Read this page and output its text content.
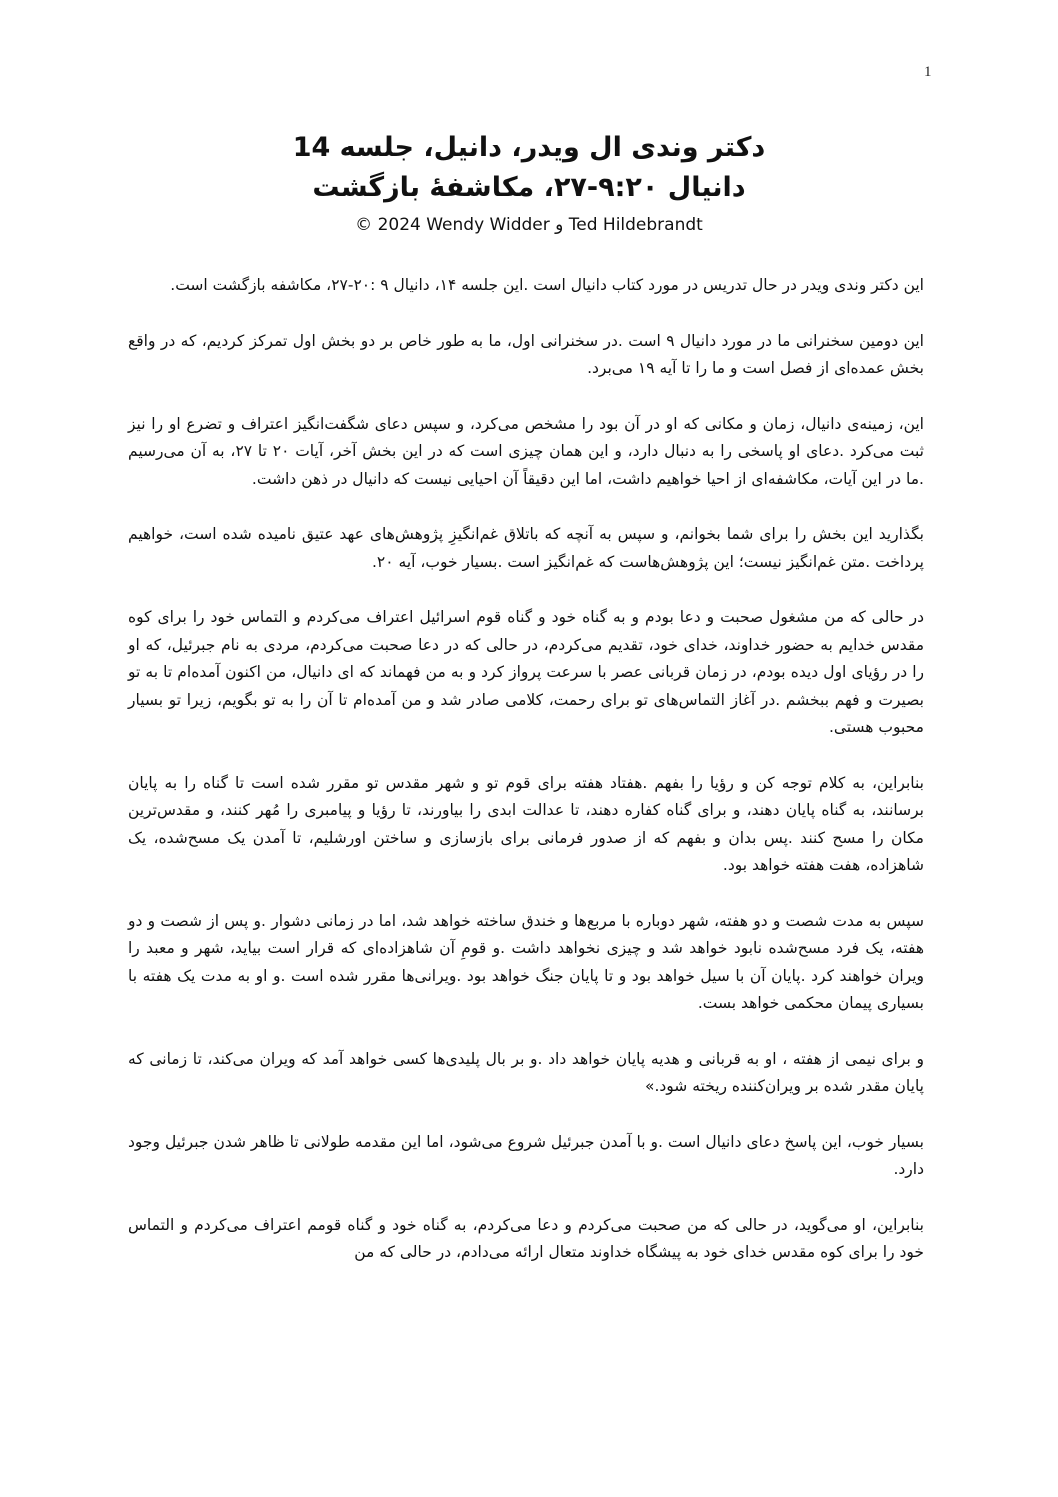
1
دکتر وندی ال ویدر، دانیل، جلسه 14
دانیال ۹:۲۰-۲۷، مکاشفۀ بازگشت
© 2024 Wendy Widder و Ted Hildebrandt

این دکتر وندی ویدر در حال تدریس در مورد کتاب دانیال است .این جلسه ۱۴، دانیال ۹ :۲۰-۲۷، مکاشفه بازگشت است.

این دومین سخنرانی ما در مورد دانیال ۹ است .در سخنرانی اول، ما به طور خاص بر دو بخش اول تمرکز کردیم، که در واقع بخش عمده‌ای از فصل است و ما را تا آیه ۱۹ می‌برد.

این، زمینه‌ی دانیال، زمان و مکانی که او در آن بود را مشخص می‌کرد، و سپس دعای شگفت‌انگیز اعتراف و تضرع او را نیز ثبت می‌کرد .دعای او پاسخی را به دنبال دارد، و این همان چیزی است که در این بخش آخر، آیات ۲۰ تا ۲۷، به آن می‌رسیم .ما در این آیات، مکاشفه‌ای از احیا خواهیم داشت، اما این دقیقاً آن احیایی نیست که دانیال در ذهن داشت.

بگذارید این بخش را برای شما بخوانم، و سپس به آنچه که باتلاق غم‌انگیزِ پژوهش‌های عهد عتیق نامیده شده است، خواهیم پرداخت .متن غم‌انگیز نیست؛ این پژوهش‌هاست که غم‌انگیز است .بسیار خوب، آیه ۲۰.

در حالی که من مشغول صحبت و دعا بودم و به گناه خود و گناه قوم اسرائیل اعتراف می‌کردم و التماس خود را برای کوه مقدس خدایم به حضور خداوند، خدای خود، تقدیم می‌کردم، در حالی که در دعا صحبت می‌کردم، مردی به نام جبرئیل، که او را در رؤیای اول دیده بودم، در زمان قربانی عصر با سرعت پرواز کرد و به من فهماند که ای دانیال، من اکنون آمده‌ام تا به تو بصیرت و فهم ببخشم .در آغاز التماس‌های تو برای رحمت، کلامی صادر شد و من آمده‌ام تا آن را به تو بگویم، زیرا تو بسیار محبوب هستی.

بنابراین، به کلام توجه کن و رؤیا را بفهم .هفتاد هفته برای قوم تو و شهر مقدس تو مقرر شده است تا گناه را به پایان برسانند، به گناه پایان دهند، و برای گناه کفاره دهند، تا عدالت ابدی را بیاورند، تا رؤیا و پیامبری را مُهر کنند، و مقدس‌ترین مکان را مسح کنند .پس بدان و بفهم که از صدور فرمانی برای بازسازی و ساختن اورشلیم، تا آمدن یک مسح‌شده، یک شاهزاده، هفت هفته خواهد بود.

سپس به مدت شصت و دو هفته، شهر دوباره با مربع‌ها و خندق ساخته خواهد شد، اما در زمانی دشوار .و پس از شصت و دو هفته، یک فرد مسح‌شده نابود خواهد شد و چیزی نخواهد داشت .و قومِ آن شاهزاده‌ای که قرار است بیاید، شهر و معبد را ویران خواهند کرد .پایان آن با سیل خواهد بود و تا پایان جنگ خواهد بود .ویرانی‌ها مقرر شده است .و او به مدت یک هفته با بسیاری پیمان محکمی خواهد بست.

و برای نیمی از هفته ، او به قربانی و هدیه پایان خواهد داد .و بر بال پلیدی‌ها کسی خواهد آمد که ویران می‌کند، تا زمانی که پایان مقدر شده بر ویران‌کننده ریخته شود.»

بسیار خوب، این پاسخ دعای دانیال است .و با آمدن جبرئیل شروع می‌شود، اما این مقدمه طولانی تا ظاهر شدن جبرئیل وجود دارد.

بنابراین، او می‌گوید، در حالی که من صحبت می‌کردم و دعا می‌کردم، به گناه خود و گناه قومم اعتراف می‌کردم و التماس خود را برای کوه مقدس خدای خود به پیشگاه خداوند متعال ارائه می‌دادم، در حالی که من
